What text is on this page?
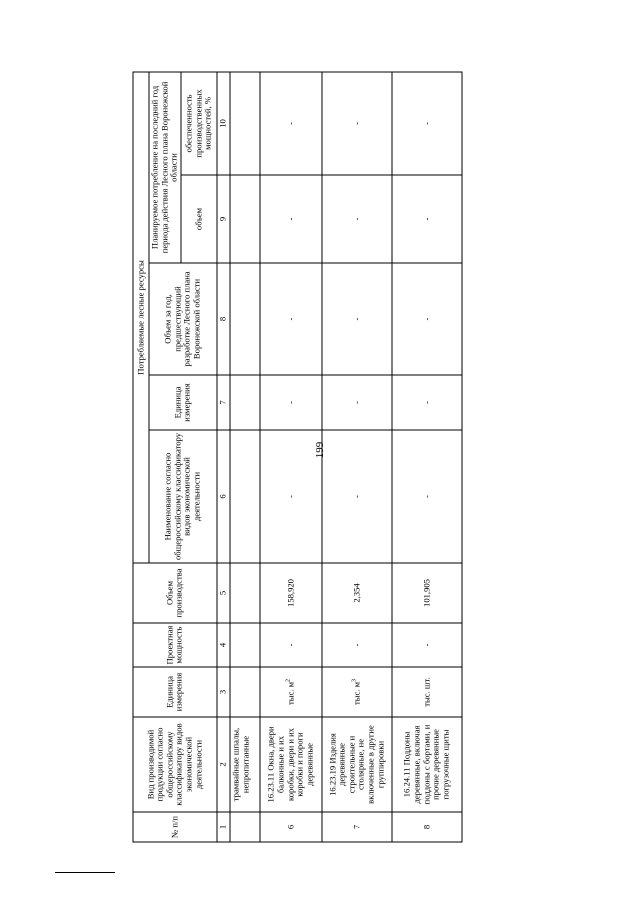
199
№ п/п	Вид производимой продукции согласно общероссийскому классификатору видов экономической деятельности	Единица измерения	Проектная мощность	Объем производства	Потребляемые лесные ресурсы				
					Наименование согласно общероссийскому классификатору видов экономической деятельности	Единица измерения	Объем за год, предшествующий разработке Лесного плана Воронежской области	Планируемое потребление на последний год периода действия Лесного плана Воронежской области	
								объем	обеспеченность производственных мощностей, %
1	2	3	4	5	6	7	8	9	10
	трамвайные шпалы, непропитанные								
6	16.23.11 Окна, двери балконные и их коробки, двери и их коробки и пороги деревянные	тыс. $м^2$	-	158,920	-	-	-	-	-
7	16.23.19 Изделия деревянные строительные и столярные, не включенные в другие группировки	тыс. $м^3$	-	2,354	-	-	-	-	-
8	16.24.11 Поддоны деревянные, включая поддоны с бортами, и прочие деревянные погрузочные щиты	тыс. шт.	-	101,905	-	-	-	-	-
